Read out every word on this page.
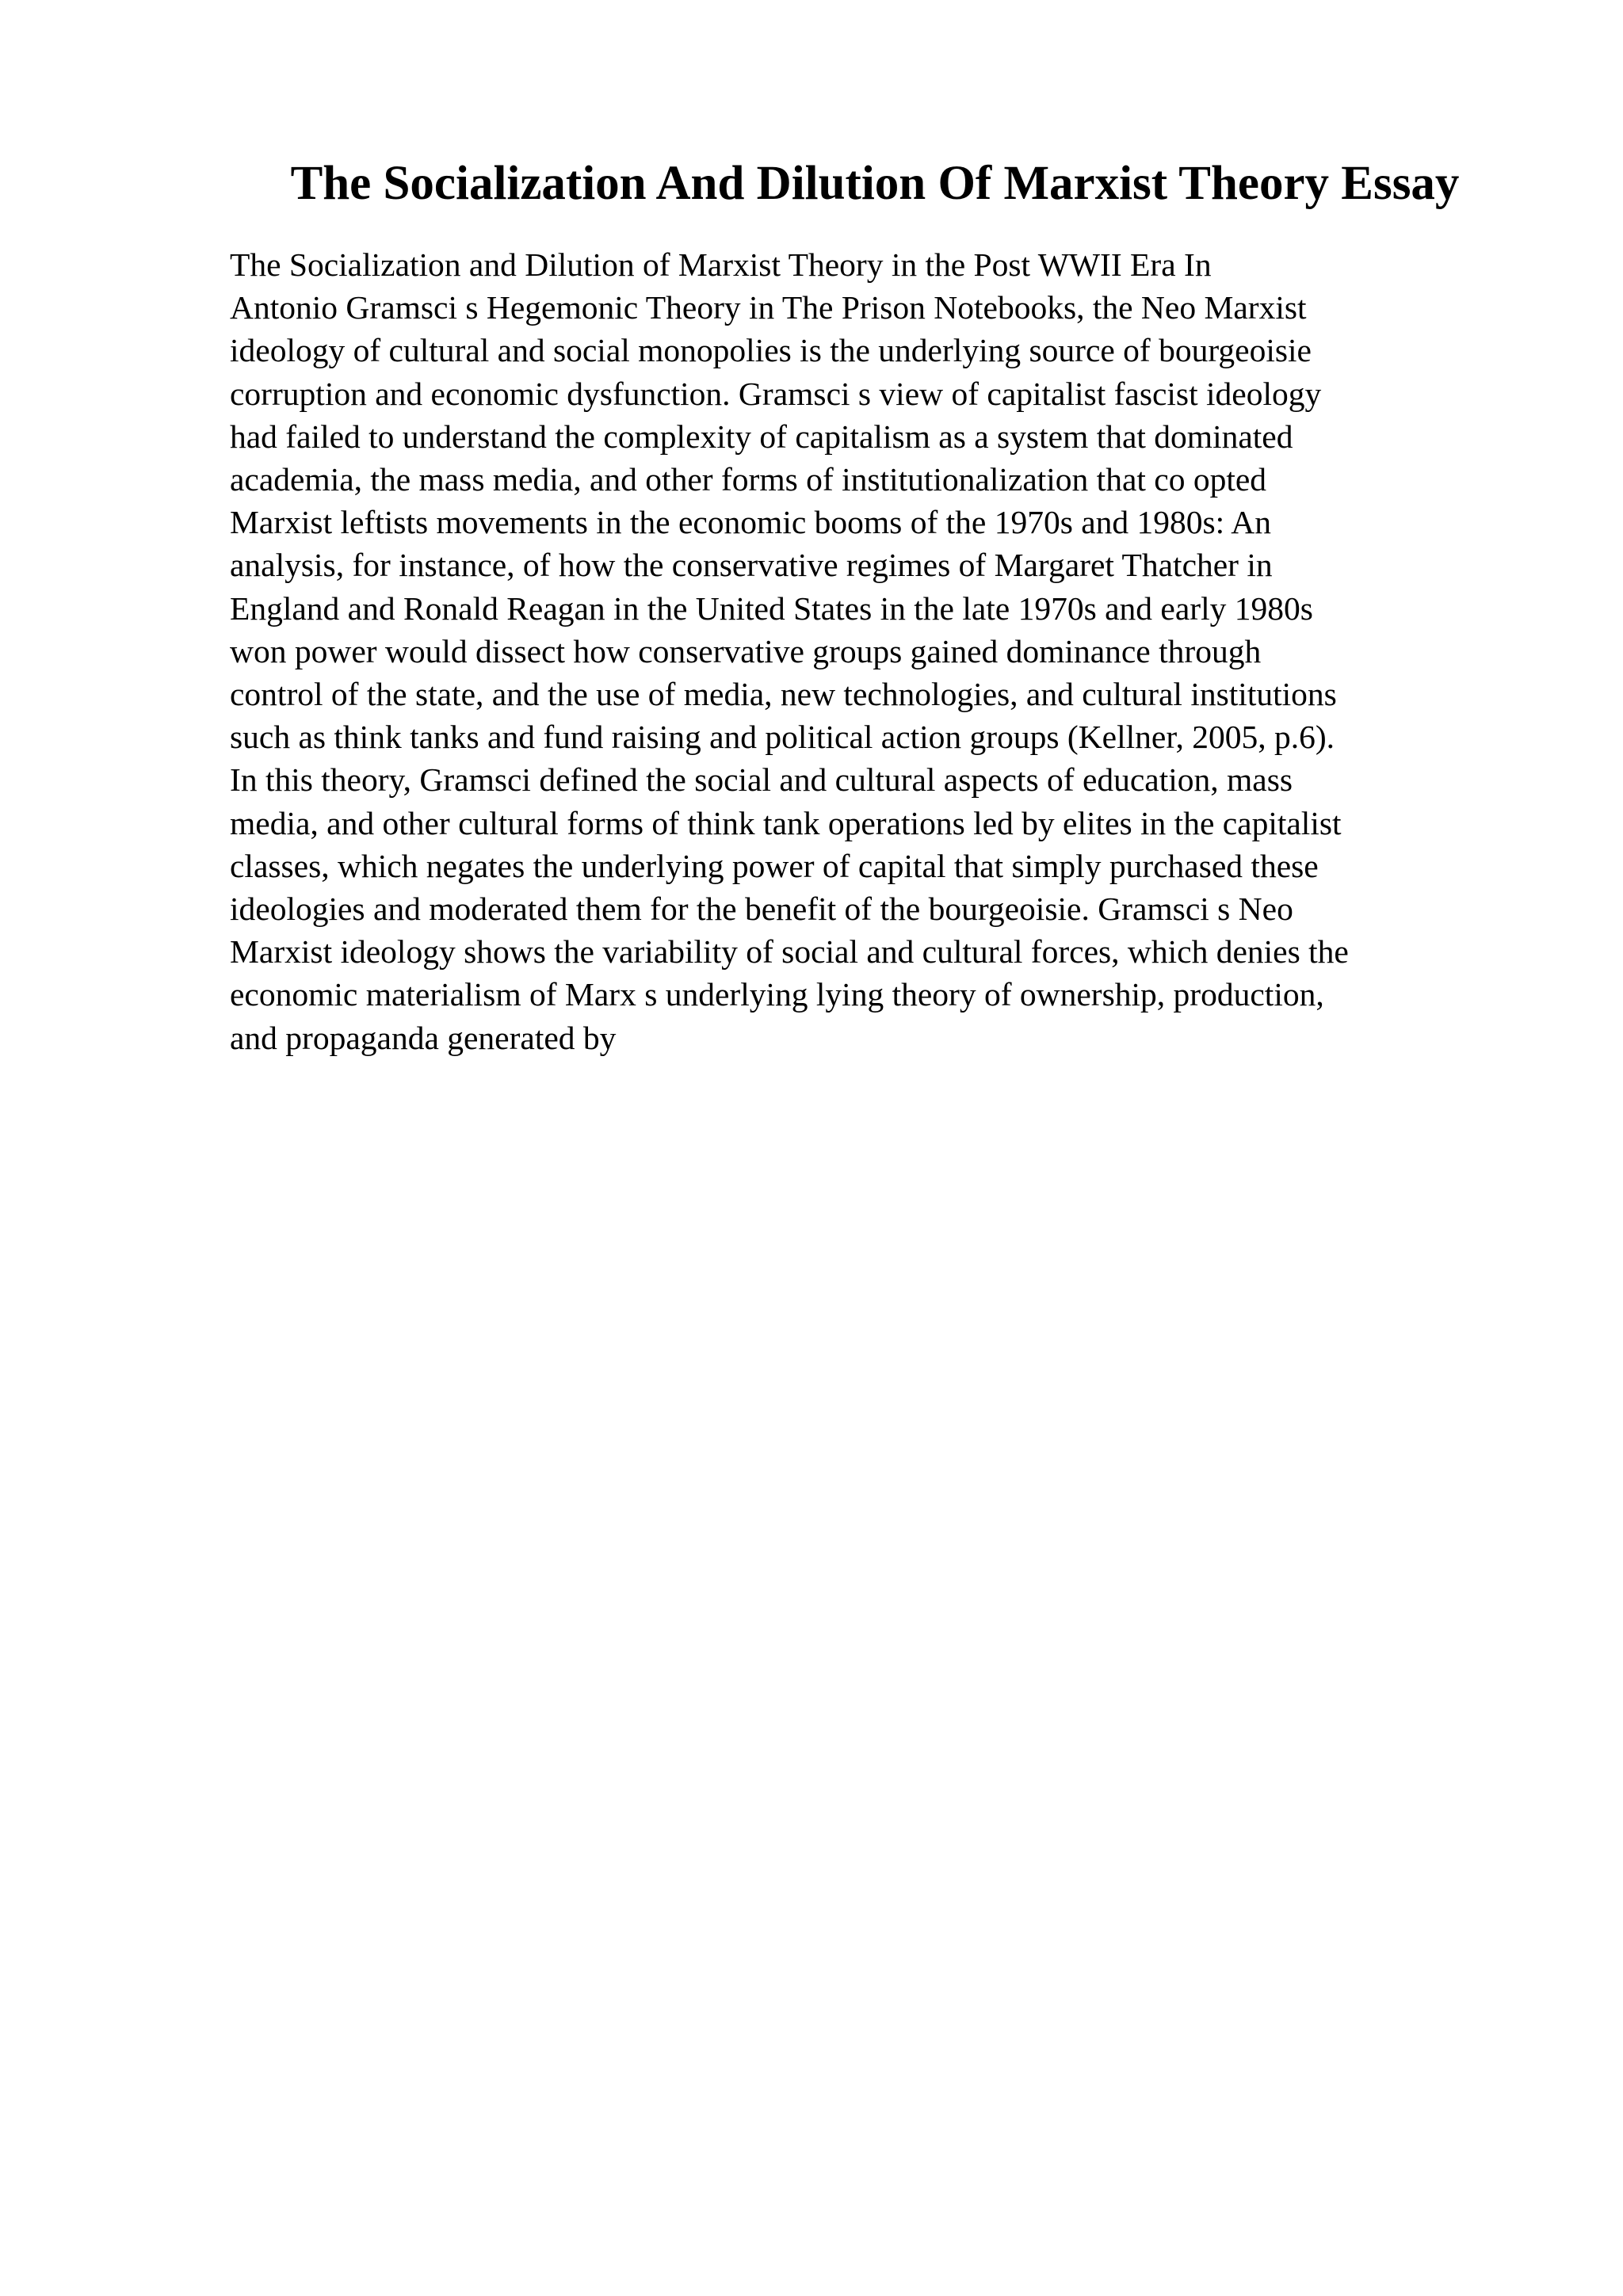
The Socialization And Dilution Of Marxist Theory Essay

The Socialization and Dilution of Marxist Theory in the Post WWII Era In
Antonio Gramsci s Hegemonic Theory in The Prison Notebooks, the Neo Marxist
ideology of cultural and social monopolies is the underlying source of bourgeoisie
corruption and economic dysfunction. Gramsci s view of capitalist fascist ideology
had failed to understand the complexity of capitalism as a system that dominated
academia, the mass media, and other forms of institutionalization that co opted
Marxist leftists movements in the economic booms of the 1970s and 1980s: An
analysis, for instance, of how the conservative regimes of Margaret Thatcher in
England and Ronald Reagan in the United States in the late 1970s and early 1980s
won power would dissect how conservative groups gained dominance through
control of the state, and the use of media, new technologies, and cultural institutions
such as think tanks and fund raising and political action groups (Kellner, 2005, p.6).
In this theory, Gramsci defined the social and cultural aspects of education, mass
media, and other cultural forms of think tank operations led by elites in the capitalist
classes, which negates the underlying power of capital that simply purchased these
ideologies and moderated them for the benefit of the bourgeoisie. Gramsci s Neo
Marxist ideology shows the variability of social and cultural forces, which denies the
economic materialism of Marx s underlying lying theory of ownership, production,
and propaganda generated by
